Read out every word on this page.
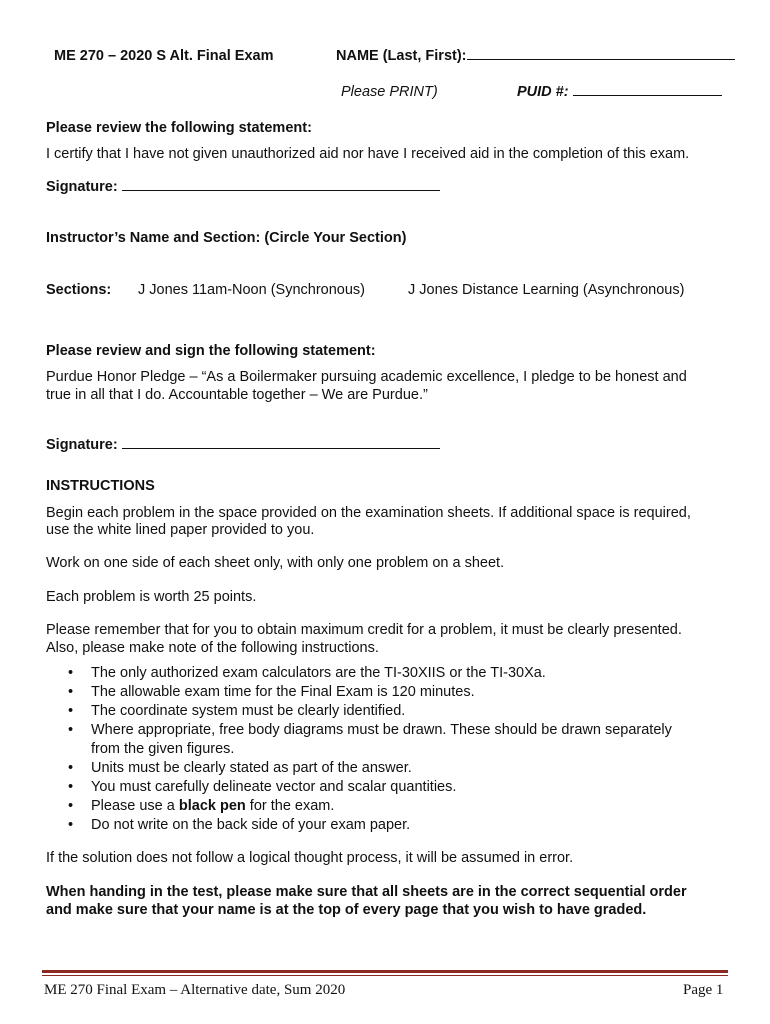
ME 270 – 2020 S Alt. Final Exam	NAME (Last, First):
Please PRINT)	PUID #:
Please review the following statement:
I certify that I have not given unauthorized aid nor have I received aid in the completion of this exam.
Signature:
Instructor’s Name and Section: (Circle Your Section)
Sections: J Jones 11am-Noon (Synchronous)	J Jones Distance Learning (Asynchronous)
Please review and sign the following statement:
Purdue Honor Pledge – “As a Boilermaker pursuing academic excellence, I pledge to be honest and
true in all that I do. Accountable together – We are Purdue.”
Signature:
INSTRUCTIONS
Begin each problem in the space provided on the examination sheets. If additional space is required,
use the white lined paper provided to you.
Work on one side of each sheet only, with only one problem on a sheet.
Each problem is worth 25 points.
Please remember that for you to obtain maximum credit for a problem, it must be clearly presented.
Also, please make note of the following instructions.
• The only authorized exam calculators are the TI-30XIIS or the TI-30Xa.
• The allowable exam time for the Final Exam is 120 minutes.
• The coordinate system must be clearly identified.
• Where appropriate, free body diagrams must be drawn. These should be drawn separately
from the given figures.
• Units must be clearly stated as part of the answer.
• You must carefully delineate vector and scalar quantities.
• Please use a black pen for the exam.
• Do not write on the back side of your exam paper.
If the solution does not follow a logical thought process, it will be assumed in error.
When handing in the test, please make sure that all sheets are in the correct sequential order
and make sure that your name is at the top of every page that you wish to have graded.
ME 270 Final Exam – Alternative date, Sum 2020	Page 1
